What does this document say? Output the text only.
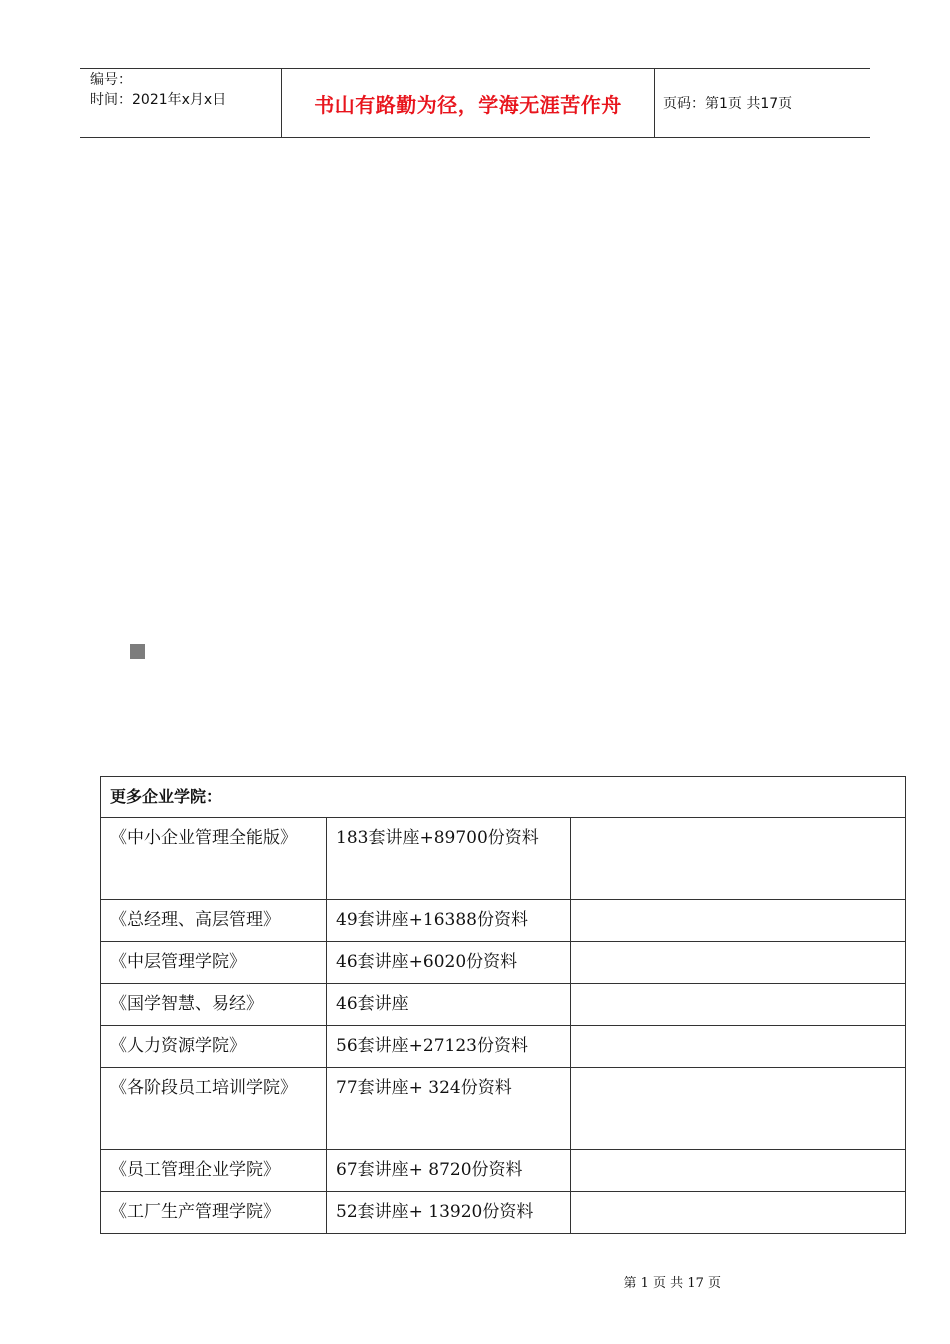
编号：
时间：2021年x月x日	书山有路勤为径，学海无涯苦作舟	页码：第1页 共17页
更多企业学院：		
《中小企业管理全能版》	183套讲座+89700份资料	
《总经理、高层管理》	49套讲座+16388份资料	
《中层管理学院》	46套讲座+6020份资料	
《国学智慧、易经》	46套讲座	
《人力资源学院》	56套讲座+27123份资料	
《各阶段员工培训学院》	77套讲座+ 324份资料	
《员工管理企业学院》	67套讲座+ 8720份资料	
《工厂生产管理学院》	52套讲座+ 13920份资料	
第 1 页 共 17 页
